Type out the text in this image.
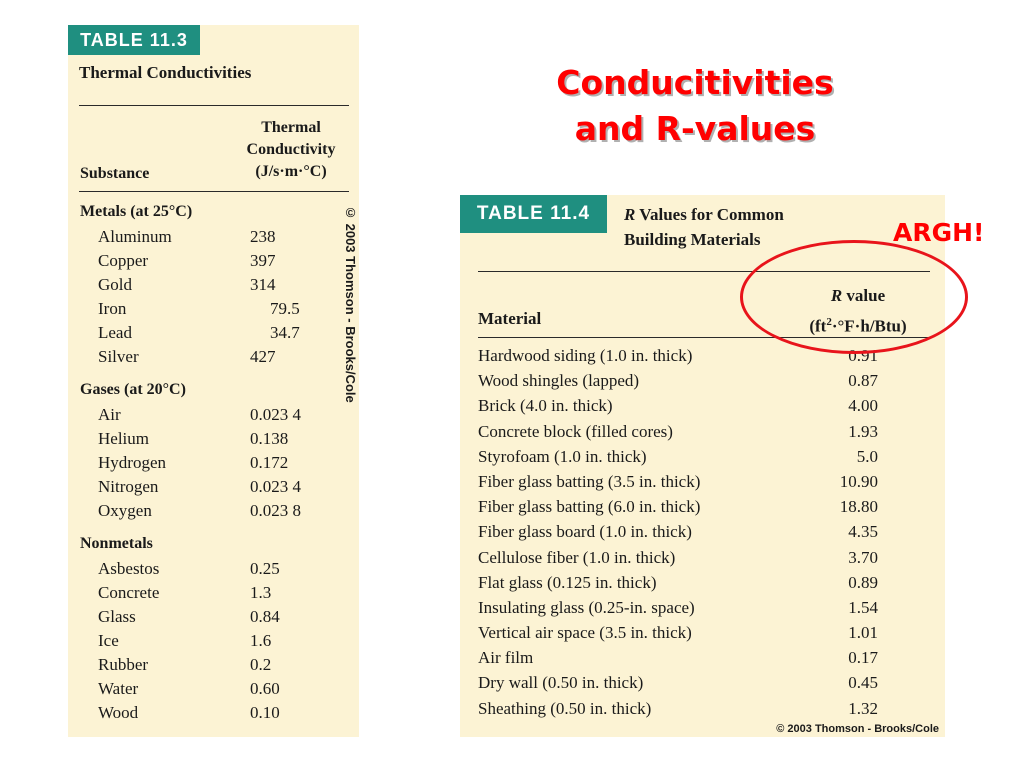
TABLE 11.3
Thermal Conductivities
Thermal
Conductivity
(J/s·m·°C)
Substance
Metals (at 25°C)
Aluminum	238
Copper	397
Gold	314
Iron	79.5
Lead	34.7
Silver	427
Gases (at 20°C)
Air	0.023 4
Helium	0.138
Hydrogen	0.172
Nitrogen	0.023 4
Oxygen	0.023 8
Nonmetals
Asbestos	0.25
Concrete	1.3
Glass	0.84
Ice	1.6
Rubber	0.2
Water	0.60
Wood	0.10
© 2003 Thomson - Brooks/Cole
Conducitivities
and R-values
TABLE 11.4	R Values for Common
Building Materials
R value
$(ft^2\cdot^\circ F\cdot h/Btu)$
Material
Hardwood siding (1.0 in. thick)	0.91
Wood shingles (lapped)	0.87
Brick (4.0 in. thick)	4.00
Concrete block (filled cores)	1.93
Styrofoam (1.0 in. thick)	5.0
Fiber glass batting (3.5 in. thick)	10.90
Fiber glass batting (6.0 in. thick)	18.80
Fiber glass board (1.0 in. thick)	4.35
Cellulose fiber (1.0 in. thick)	3.70
Flat glass (0.125 in. thick)	0.89
Insulating glass (0.25-in. space)	1.54
Vertical air space (3.5 in. thick)	1.01
Air film	0.17
Dry wall (0.50 in. thick)	0.45
Sheathing (0.50 in. thick)	1.32
© 2003 Thomson - Brooks/Cole
ARGH!
